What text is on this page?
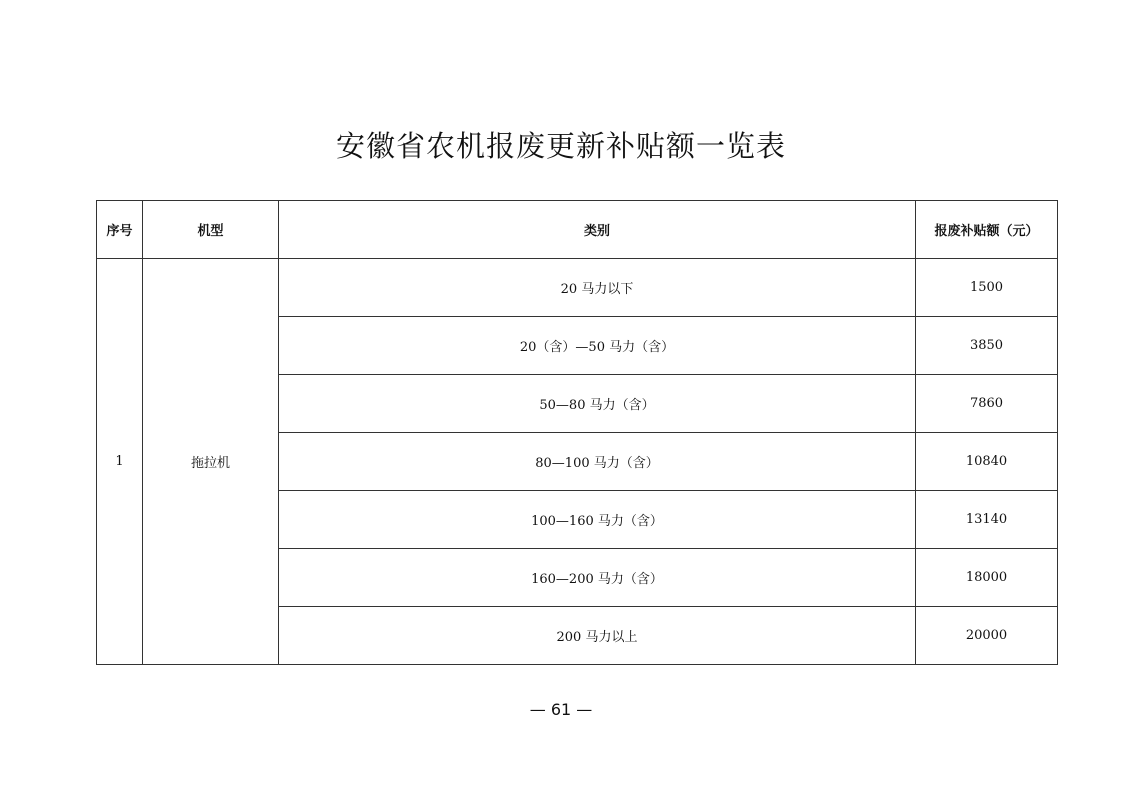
安徽省农机报废更新补贴额一览表
序号	机型	类别	报废补贴额（元）
1	拖拉机	20 马力以下	1500
		20（含）—50 马力（含）	3850
		50—80 马力（含）	7860
		80—100 马力（含）	10840
		100—160 马力（含）	13140
		160—200 马力（含）	18000
		200 马力以上	20000
— 61 —
